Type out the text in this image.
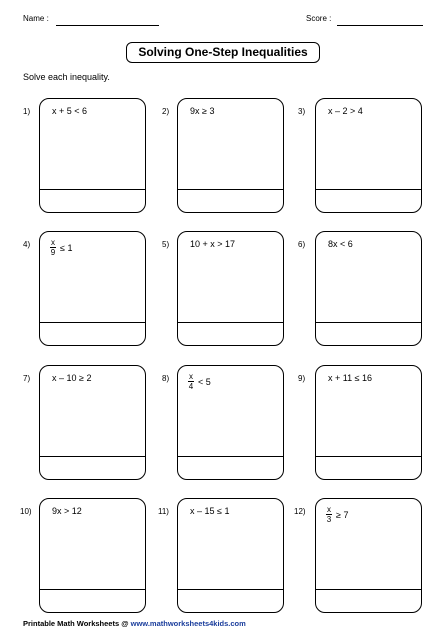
Name :	Score :
Solving One-Step Inequalities
Solve each inequality.
1) x + 5 < 6	2) 9x ≥ 3	3)	x – 2 > 4
$4) \frac{x}{9} \le 1$	5) 10 + x > 17	6)	8x < 6
7) x – 10 ≥ 2	$8) \frac{x}{4} < 5$	9)	x + 11 ≤ 16
10) 9x > 12	11) x – 15 ≤ 1	12)	$\frac{x}{3} \ge 7$
Printable Math Worksheets @ www.mathworksheets4kids.com
